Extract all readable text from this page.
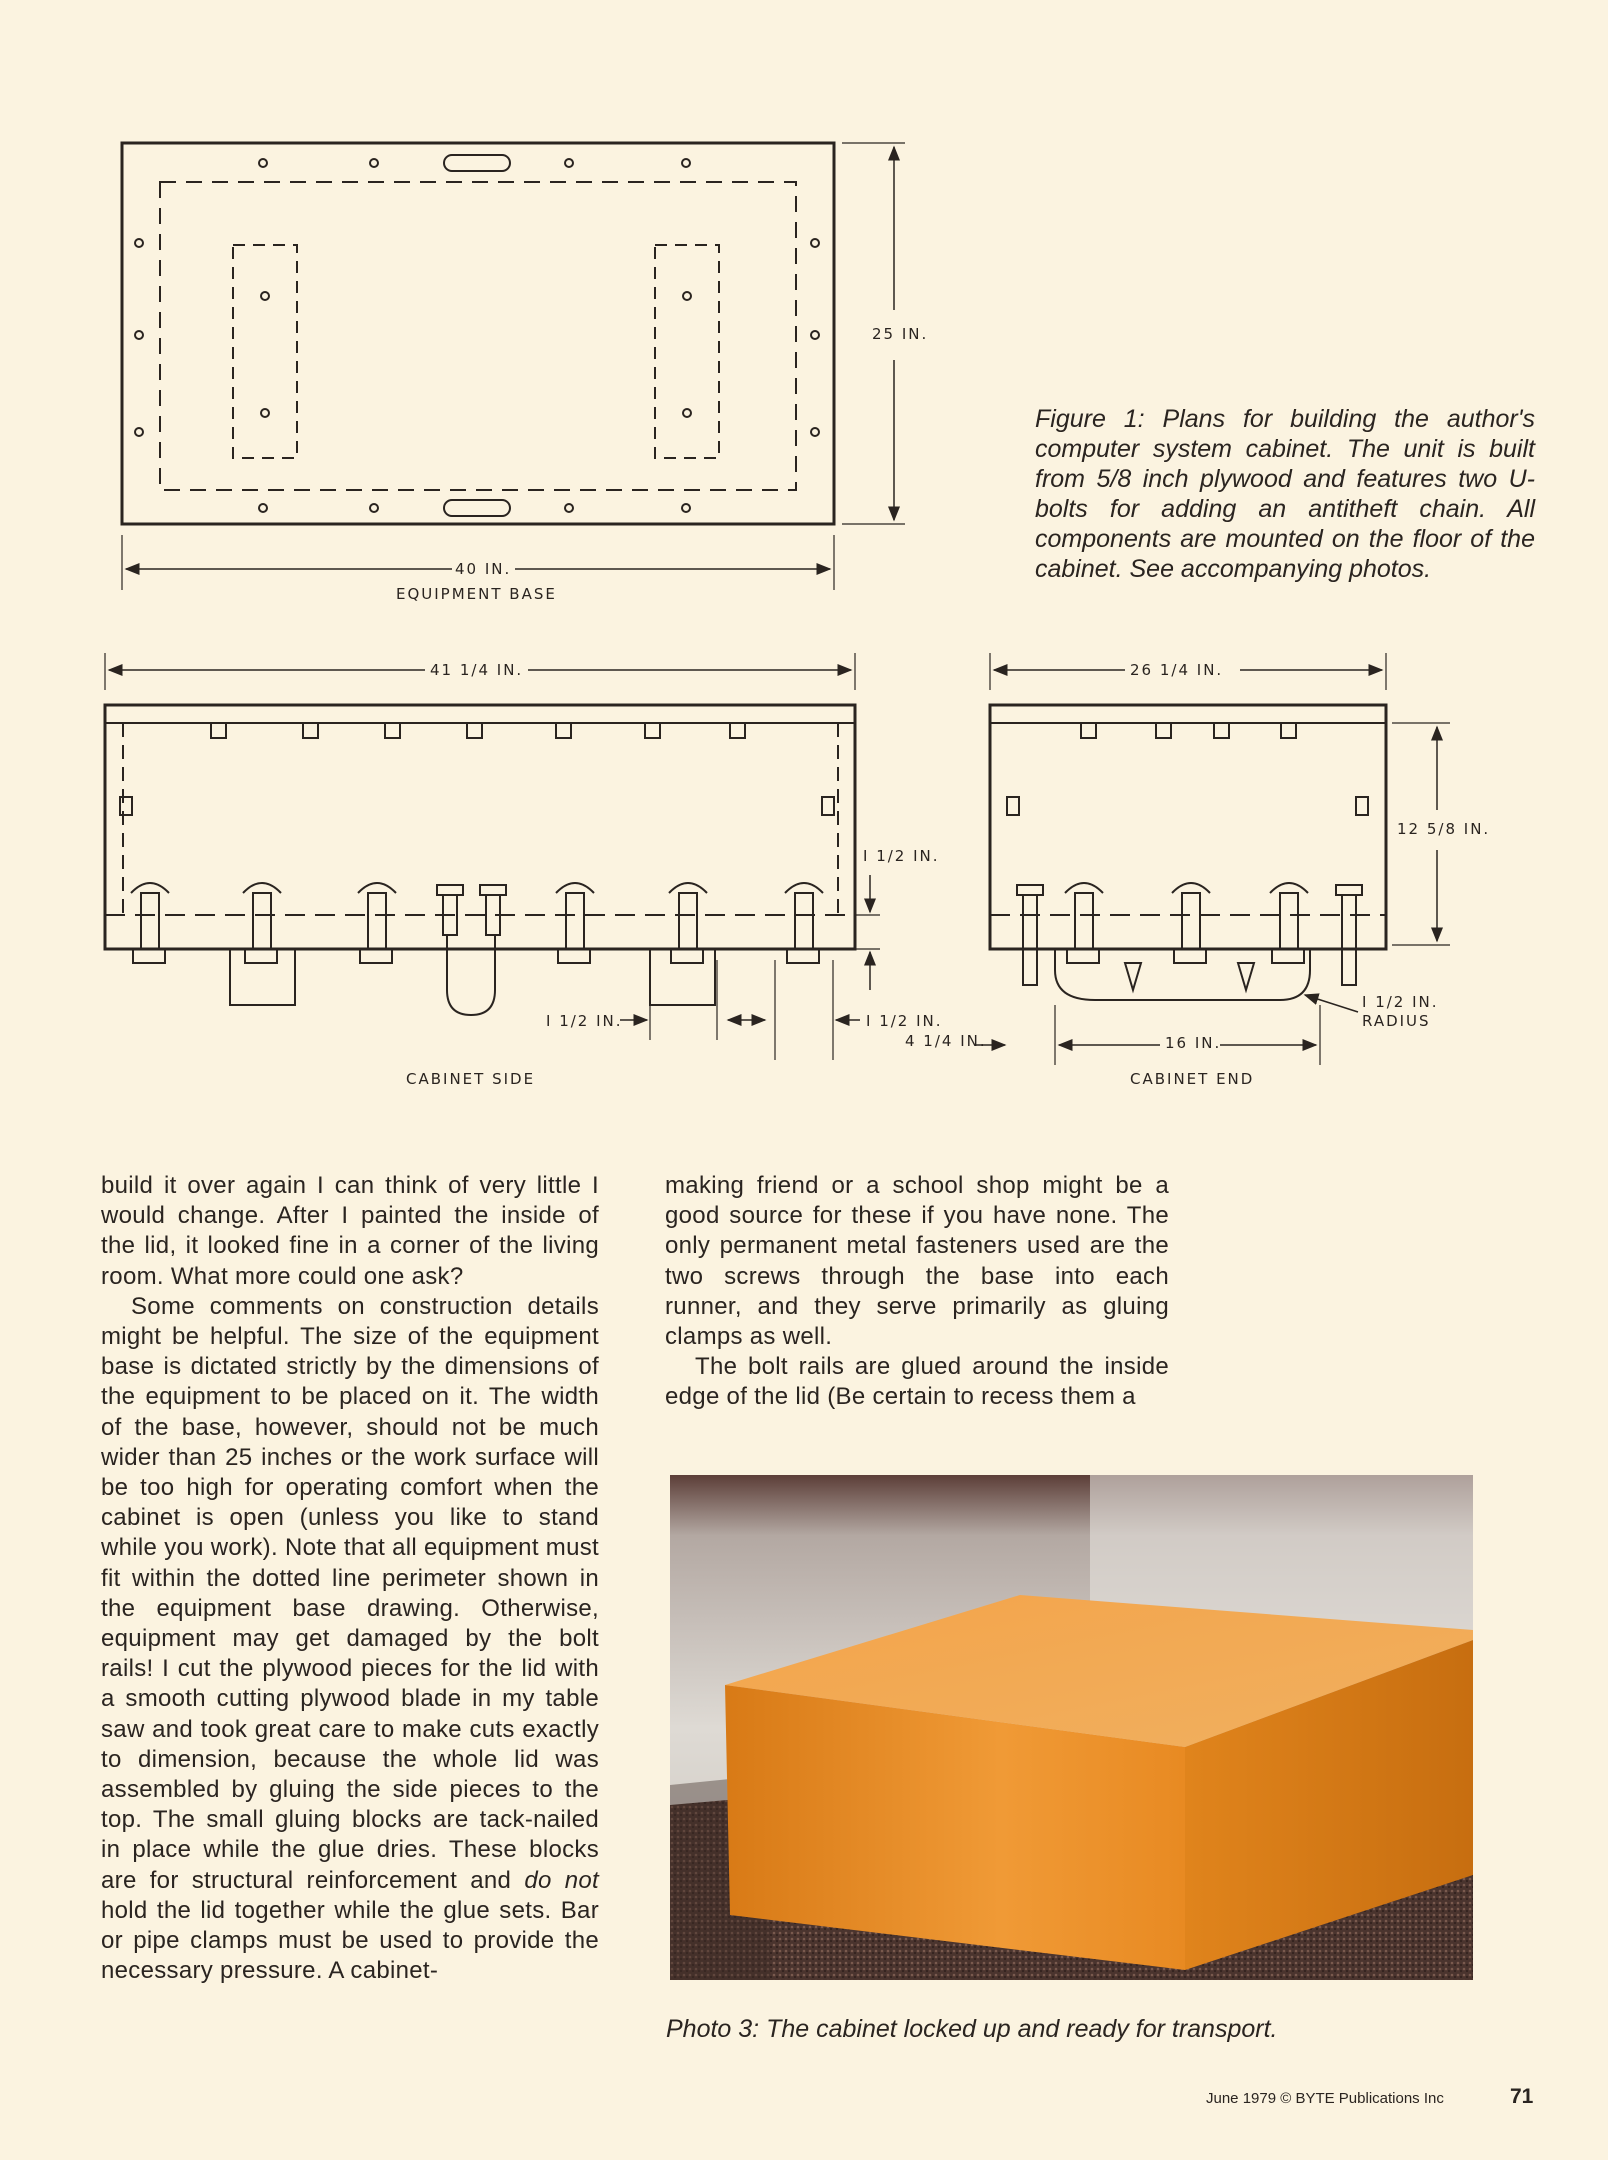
25 IN.
40 IN.
EQUIPMENT BASE
41 1/4 IN.
I 1/2 IN.
I 1/2 IN.	I 1/2 IN.
4 1/4 IN.
CABINET SIDE
26 1/4 IN.
12 5/8 IN.
I 1/2 IN.
RADIUS
16 IN.
CABINET END
Figure 1: Plans for building the author's computer system cabinet. The unit is built from 5/8 inch plywood and features two U-bolts for adding an antitheft chain. All components are mounted on the floor of the cabinet. See accompanying photos.

build it over again I can think of very little I would change. After I painted the inside of the lid, it looked fine in a corner of the living room. What more could one ask?

Some comments on construction details might be helpful. The size of the equipment base is dictated strictly by the dimensions of the equipment to be placed on it. The width of the base, however, should not be much wider than 25 inches or the work surface will be too high for operating comfort when the cabinet is open (unless you like to stand while you work). Note that all equipment must fit within the dotted line perimeter shown in the equipment base drawing. Otherwise, equipment may get damaged by the bolt rails! I cut the plywood pieces for the lid with a smooth cutting plywood blade in my table saw and took great care to make cuts exactly to dimension, because the whole lid was assembled by gluing the side pieces to the top. The small gluing blocks are tack-nailed in place while the glue dries. These blocks are for structural reinforcement and do not hold the lid together while the glue sets. Bar or pipe clamps must be used to provide the necessary pressure. A cabinet-

making friend or a school shop might be a good source for these if you have none. The only permanent metal fasteners used are the two screws through the base into each runner, and they serve primarily as gluing clamps as well.

The bolt rails are glued around the inside edge of the lid (Be certain to recess them a

Photo 3: The cabinet locked up and ready for transport.
June 1979 © BYTE Publications Inc	71
